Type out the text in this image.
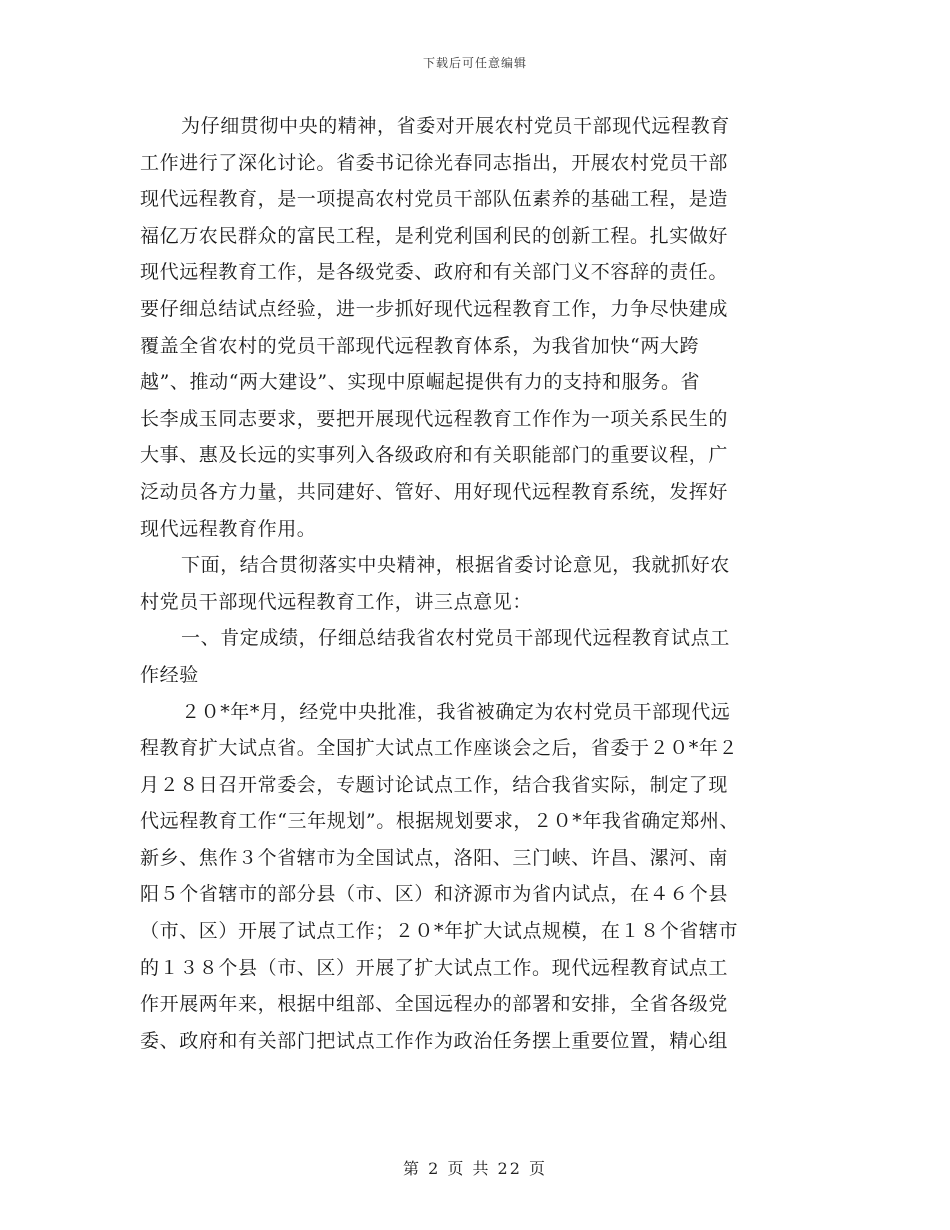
下载后可任意编辑
为仔细贯彻中央的精神，省委对开展农村党员干部现代远程教育
工作进行了深化讨论。省委书记徐光春同志指出，开展农村党员干部
现代远程教育，是一项提高农村党员干部队伍素养的基础工程，是造
福亿万农民群众的富民工程，是利党利国利民的创新工程。扎实做好
现代远程教育工作，是各级党委、政府和有关部门义不容辞的责任。
要仔细总结试点经验，进一步抓好现代远程教育工作，力争尽快建成
覆盖全省农村的党员干部现代远程教育体系，为我省加快“两大跨
越”、推动“两大建设”、实现中原崛起提供有力的支持和服务。省
长李成玉同志要求，要把开展现代远程教育工作作为一项关系民生的
大事、惠及长远的实事列入各级政府和有关职能部门的重要议程，广
泛动员各方力量，共同建好、管好、用好现代远程教育系统，发挥好
现代远程教育作用。
下面，结合贯彻落实中央精神，根据省委讨论意见，我就抓好农
村党员干部现代远程教育工作，讲三点意见：
一、肯定成绩，仔细总结我省农村党员干部现代远程教育试点工
作经验
２０*年*月，经党中央批准，我省被确定为农村党员干部现代远
程教育扩大试点省。全国扩大试点工作座谈会之后，省委于２０*年２
月２８日召开常委会，专题讨论试点工作，结合我省实际，制定了现
代远程教育工作“三年规划”。根据规划要求，２０*年我省确定郑州、
新乡、焦作３个省辖市为全国试点，洛阳、三门峡、许昌、漯河、南
阳５个省辖市的部分县（市、区）和济源市为省内试点，在４６个县
（市、区）开展了试点工作；２０*年扩大试点规模，在１８个省辖市
的１３８个县（市、区）开展了扩大试点工作。现代远程教育试点工
作开展两年来，根据中组部、全国远程办的部署和安排，全省各级党
委、政府和有关部门把试点工作作为政治任务摆上重要位置，精心组
第 2 页 共 22 页
